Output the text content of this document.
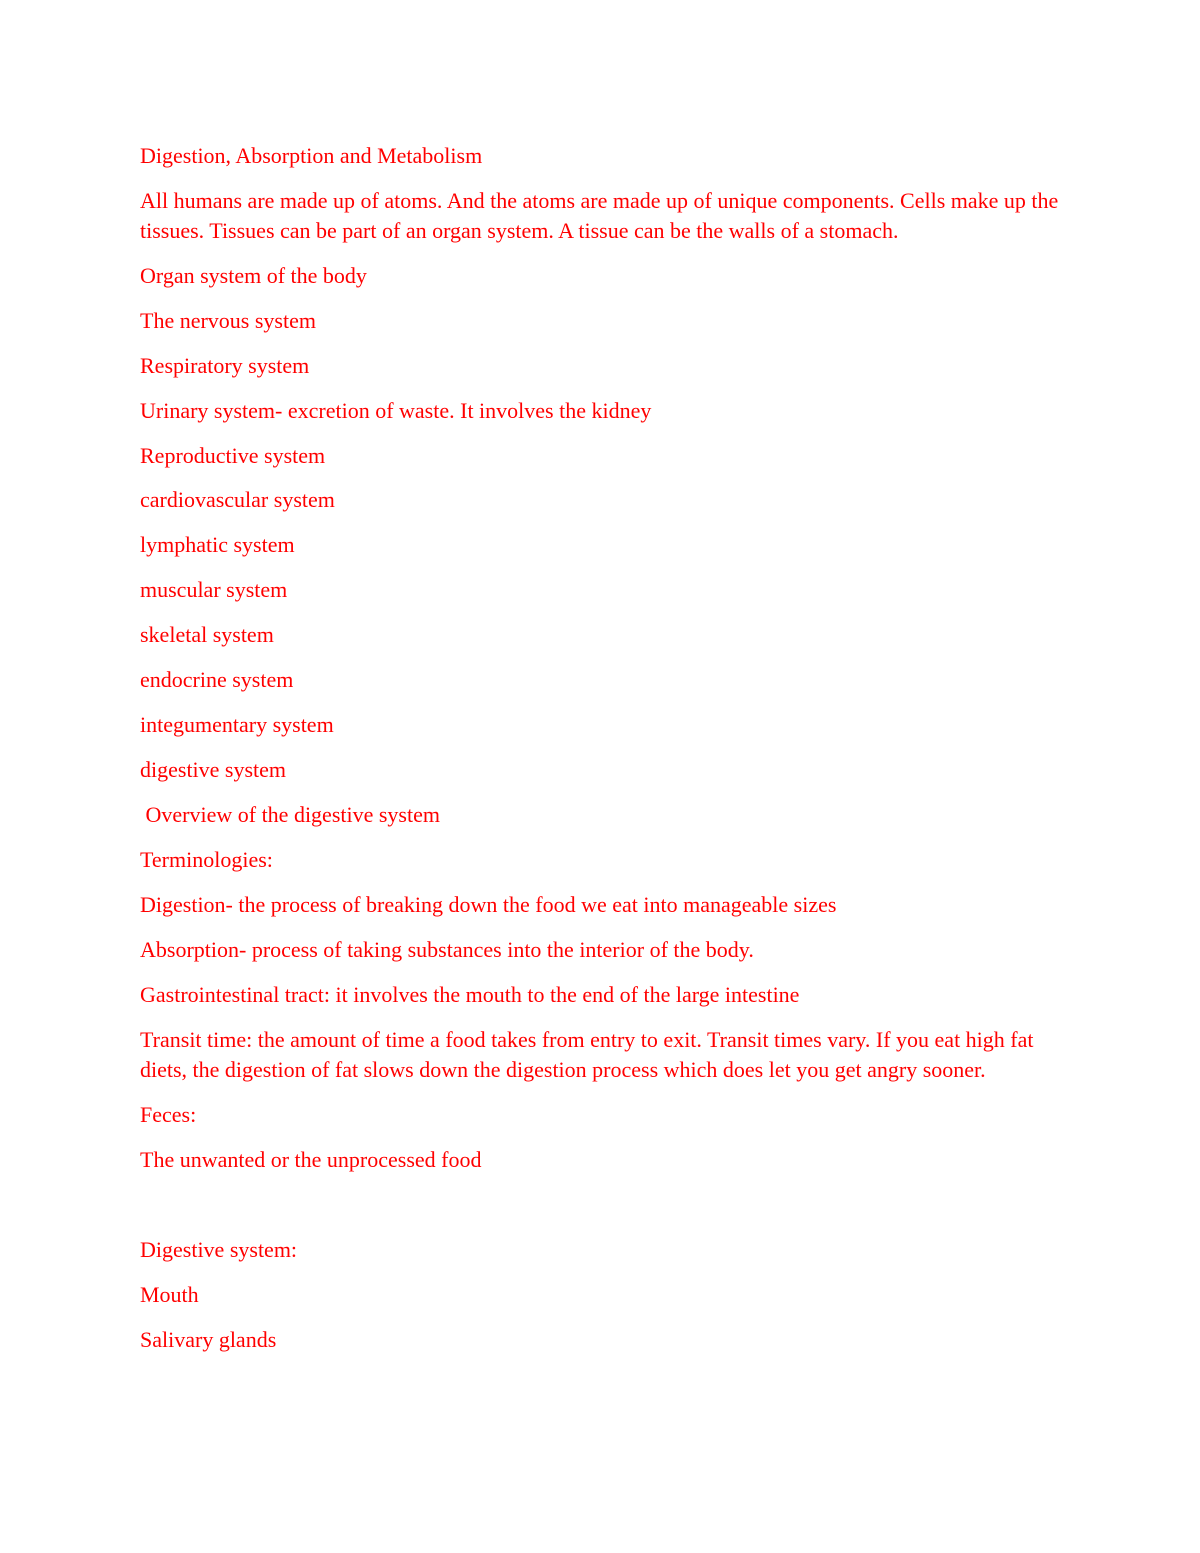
Digestion, Absorption and Metabolism

All humans are made up of atoms. And the atoms are made up of unique components. Cells make up the tissues. Tissues can be part of an organ system. A tissue can be the walls of a stomach.

Organ system of the body

The nervous system

Respiratory system

Urinary system- excretion of waste. It involves the kidney

Reproductive system

cardiovascular system

lymphatic system

muscular system

skeletal system

endocrine system

integumentary system

digestive system

Overview of the digestive system

Terminologies:

Digestion- the process of breaking down the food we eat into manageable sizes

Absorption- process of taking substances into the interior of the body.

Gastrointestinal tract: it involves the mouth to the end of the large intestine

Transit time: the amount of time a food takes from entry to exit. Transit times vary. If you eat high fat diets, the digestion of fat slows down the digestion process which does let you get angry sooner.

Feces:

The unwanted or the unprocessed food

Digestive system:

Mouth

Salivary glands
